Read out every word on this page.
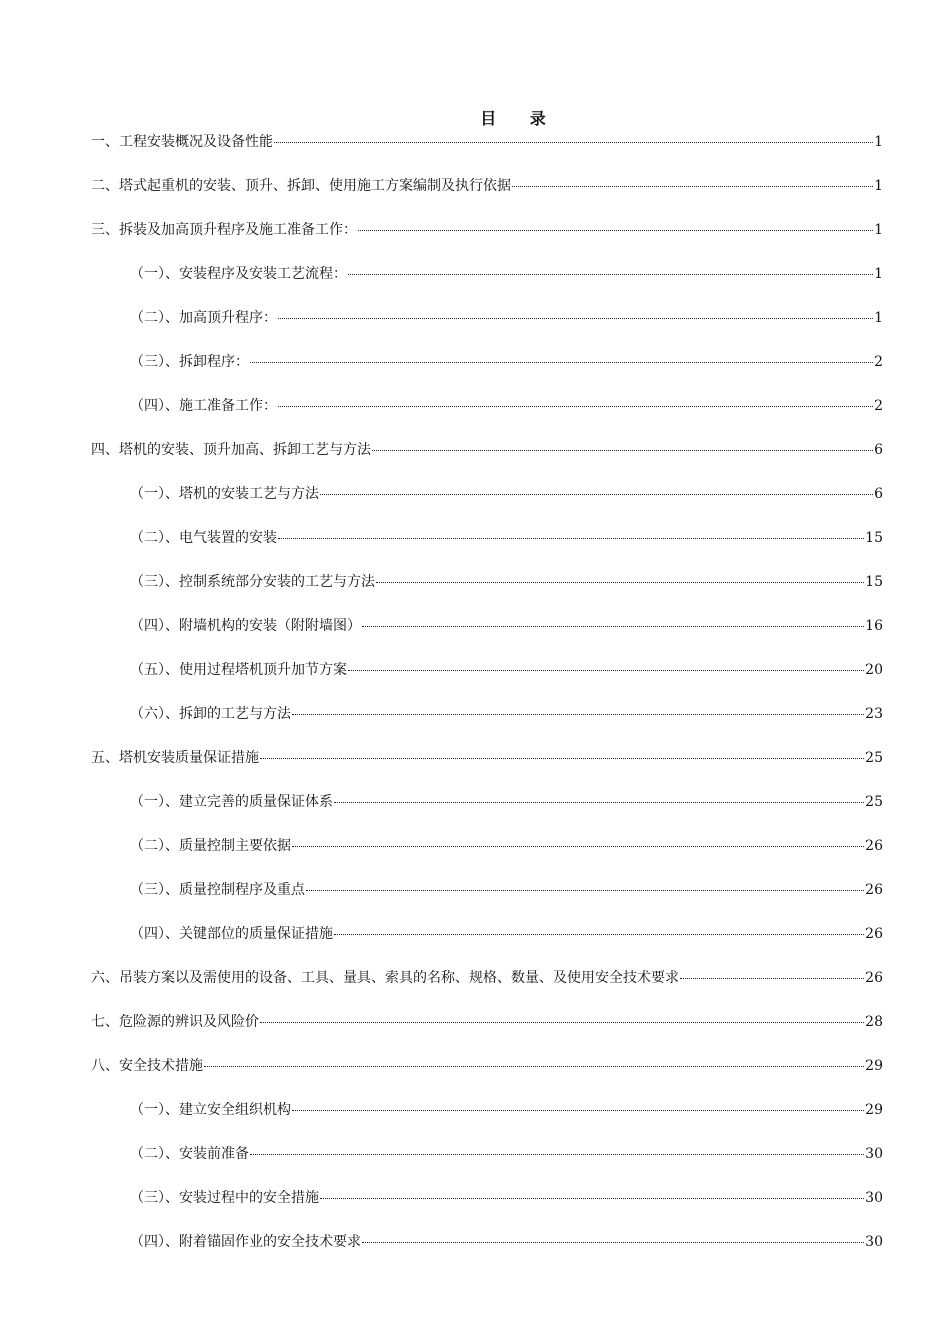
目 录
一、工程安装概况及设备性能	1
二、塔式起重机的安装、顶升、拆卸、使用施工方案编制及执行依据	1
三、拆装及加高顶升程序及施工准备工作：	1
（一）、安装程序及安装工艺流程：	1
（二）、加高顶升程序：	1
（三）、拆卸程序：	2
（四）、施工准备工作：	2
四、塔机的安装、顶升加高、拆卸工艺与方法	6
（一）、塔机的安装工艺与方法	6
（二）、电气装置的安装	15
（三）、控制系统部分安装的工艺与方法	15
（四）、附墙机构的安装（附附墙图）	16
（五）、使用过程塔机顶升加节方案	20
（六）、拆卸的工艺与方法	23
五、塔机安装质量保证措施	25
（一）、建立完善的质量保证体系	25
（二）、质量控制主要依据	26
（三）、质量控制程序及重点	26
（四）、关键部位的质量保证措施	26
六、吊装方案以及需使用的设备、工具、量具、索具的名称、规格、数量、及使用安全技术要求	26
七、危险源的辨识及风险价	28
八、安全技术措施	29
（一）、建立安全组织机构	29
（二）、安装前准备	30
（三）、安装过程中的安全措施	30
（四）、附着锚固作业的安全技术要求	30
